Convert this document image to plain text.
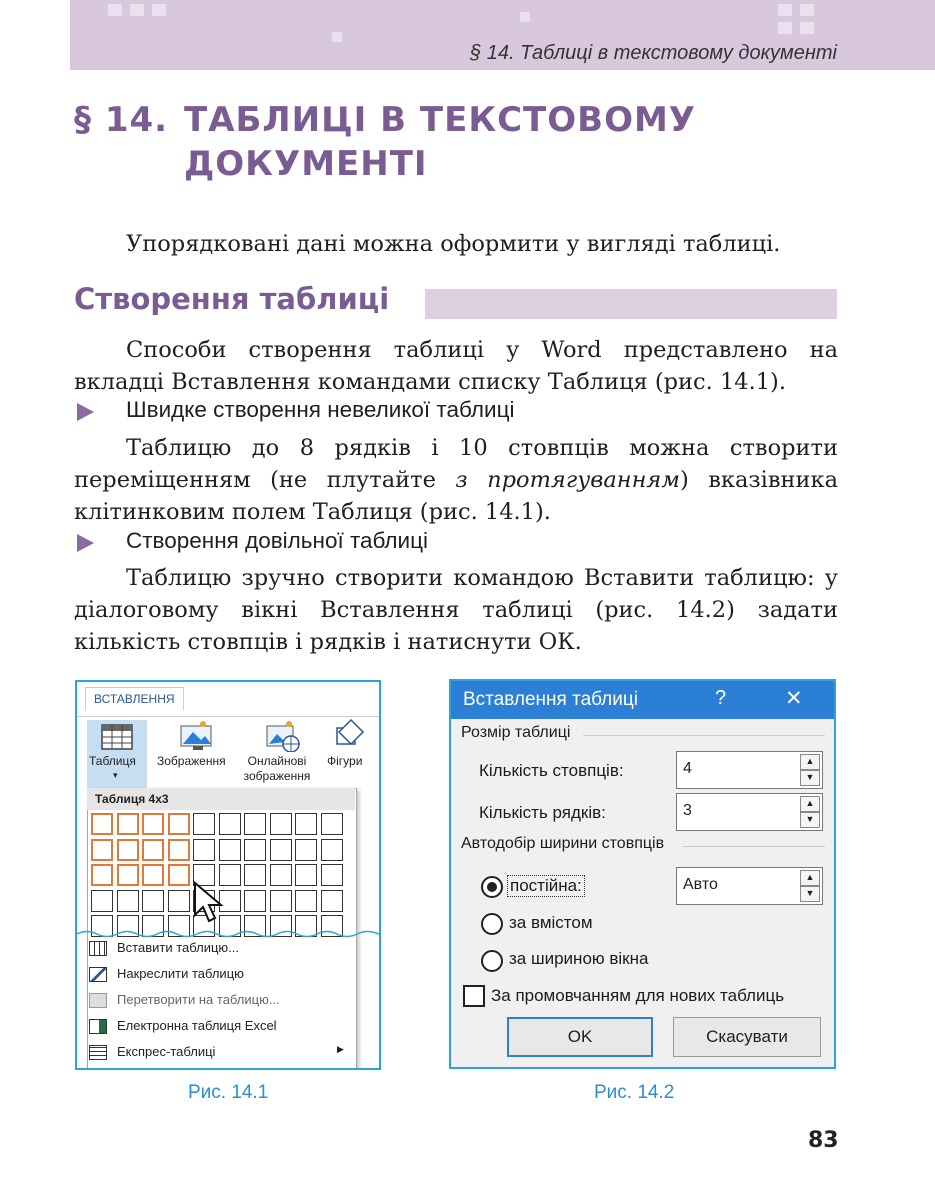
§ 14. Таблиці в текстовому документі
§ 14. ТАБЛИЦІ В ТЕКСТОВОМУ
ДОКУМЕНТІ
Упорядковані дані можна оформити у вигляді таблиці.
Створення таблиці
Способи створення таблиці у Word представлено на вкладці Вставлення командами списку Таблиця (рис. 14.1).
Швидке створення невеликої таблиці
Таблицю до 8 рядків і 10 стовпців можна створити переміщенням (не плутайте з протягуванням) вказівника клітинковим полем Таблиця (рис. 14.1).
Створення довільної таблиці
Таблицю зручно створити командою Вставити таблицю: у діалоговому вікні Вставлення таблиці (рис. 14.2) задати кількість стовпців і рядків і натиснути ОК.
ВСТАВЛЕННЯ
Таблиця
▾
Зображення	Онлайнові зображення
Фігури
Таблиця 4x3
Вставити таблицю...
Накреслити таблицю
Перетворити на таблицю...
Електронна таблиця Excel
Експрес-таблиці	▶
Рис. 14.1
Вставлення таблиці	?	✕
Розмір таблиці
Кількість стовпців:	4	▲
▼
Кількість рядків:	3	▲
▼
Автодобір ширини стовпців
постійна:	Авто	▲
▼
за вмістом
за шириною вікна
За промовчанням для нових таблиць
OK	Скасувати
Рис. 14.2
83
